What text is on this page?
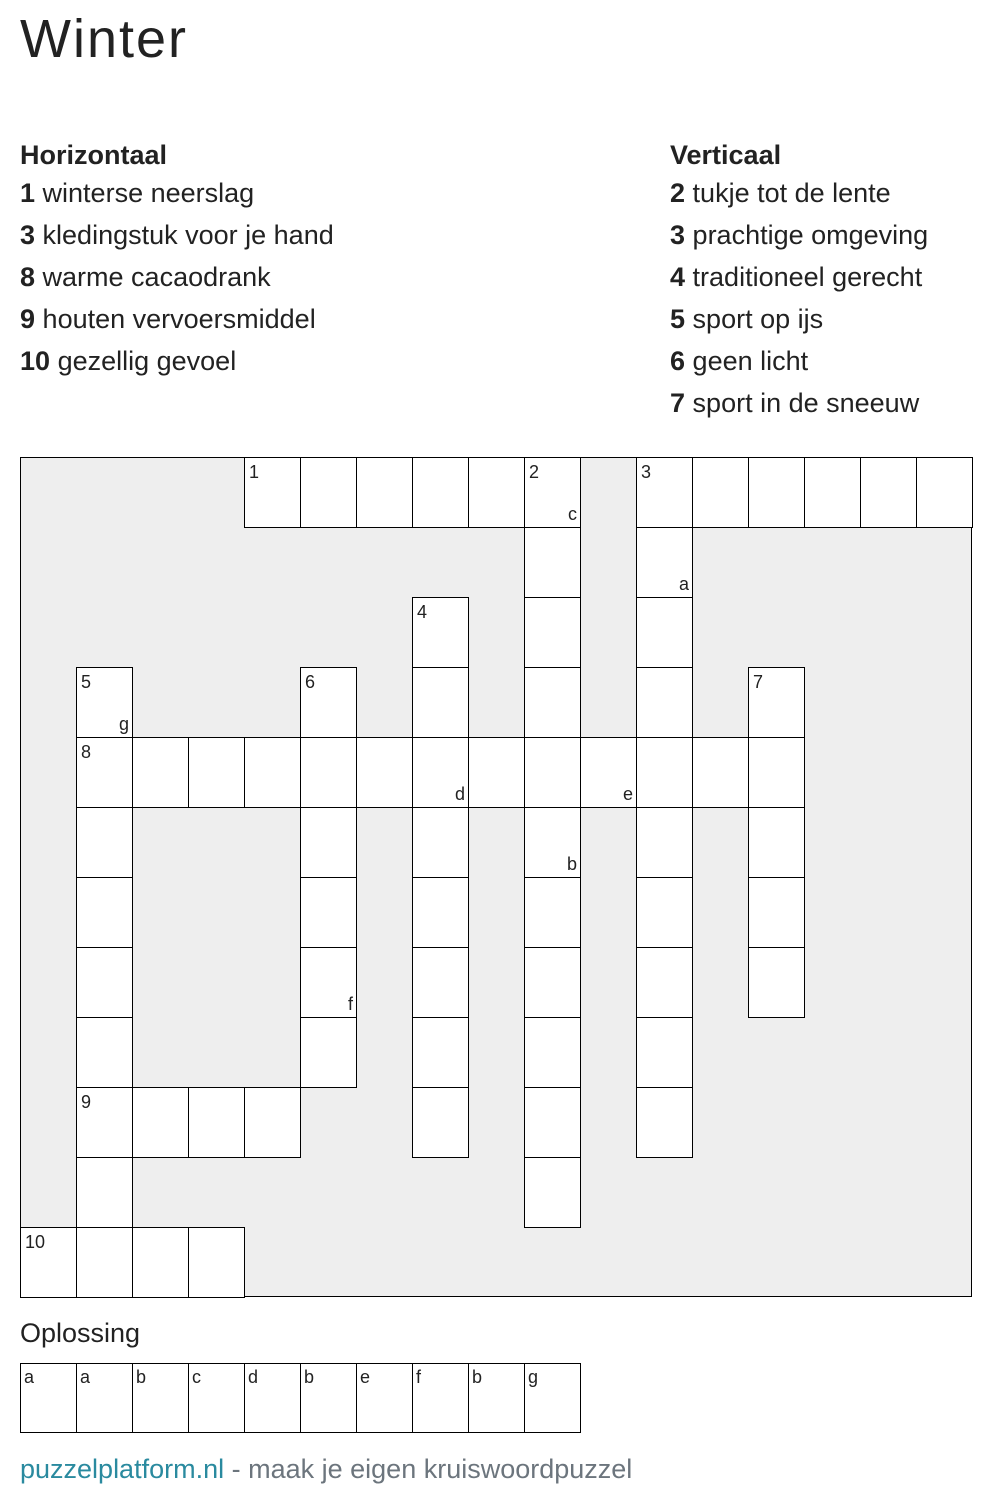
Winter
Horizontaal
1 winterse neerslag
3 kledingstuk voor je hand
8 warme cacaodrank
9 houten vervoersmiddel
10 gezellig gevoel
Verticaal
2 tukje tot de lente
3 prachtige omgeving
4 traditioneel gerecht
5 sport op ijs
6 geen licht
7 sport in de sneeuw
1	2
c
3
8
d	e
9
10
b
a
4
5
g
6
f
7
Oplossing
a	a	b	c	d	b	e	f	b	g
puzzelplatform.nl - maak je eigen kruiswoordpuzzel
